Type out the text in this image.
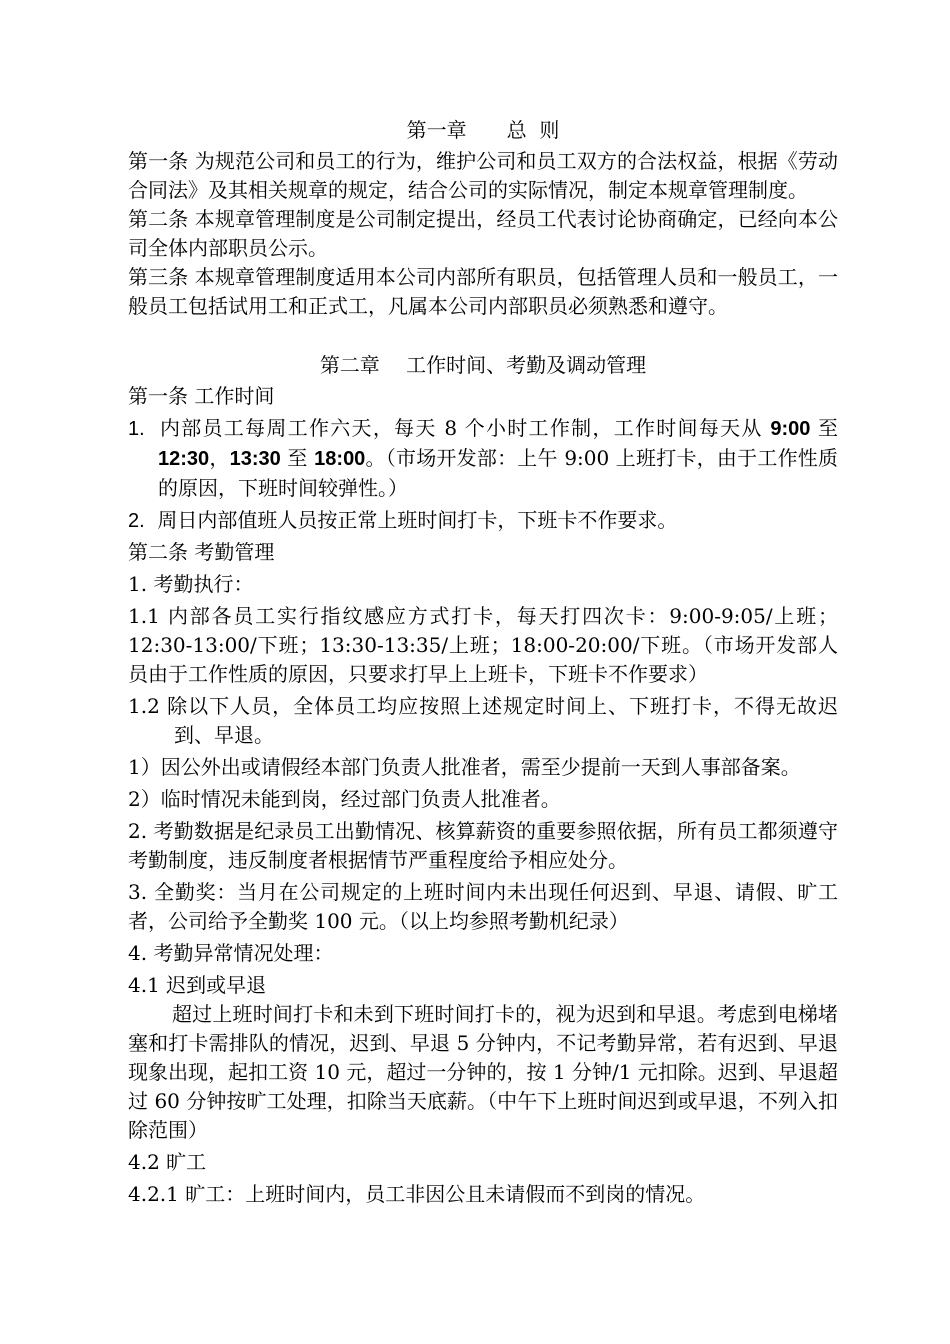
第一章　　总  则

第一条 为规范公司和员工的行为，维护公司和员工双方的合法权益，根据《劳动合同法》及其相关规章的规定，结合公司的实际情况，制定本规章管理制度。

第二条 本规章管理制度是公司制定提出，经员工代表讨论协商确定，已经向本公司全体内部职员公示。

第三条 本规章管理制度适用本公司内部所有职员，包括管理人员和一般员工，一般员工包括试用工和正式工，凡属本公司内部职员必须熟悉和遵守。

第二章　 工作时间、考勤及调动管理

第一条 工作时间

1. 内部员工每周工作六天，每天 8 个小时工作制，工作时间每天从 9:00 至 12:30，13:30 至 18:00。（市场开发部：上午 9:00 上班打卡，由于工作性质的原因，下班时间较弹性。）

2. 周日内部值班人员按正常上班时间打卡，下班卡不作要求。

第二条 考勤管理

1. 考勤执行：

1.1 内部各员工实行指纹感应方式打卡，每天打四次卡：9:00-9:05/上班；12:30-13:00/下班；13:30-13:35/上班；18:00-20:00/下班。（市场开发部人员由于工作性质的原因，只要求打早上上班卡，下班卡不作要求）

1.2 除以下人员，全体员工均应按照上述规定时间上、下班打卡，不得无故迟到、早退。

1）因公外出或请假经本部门负责人批准者，需至少提前一天到人事部备案。

2）临时情况未能到岗，经过部门负责人批准者。

2. 考勤数据是纪录员工出勤情况、核算薪资的重要参照依据，所有员工都须遵守考勤制度，违反制度者根据情节严重程度给予相应处分。

3. 全勤奖：当月在公司规定的上班时间内未出现任何迟到、早退、请假、旷工者，公司给予全勤奖 100 元。（以上均参照考勤机纪录）

4. 考勤异常情况处理：

4.1 迟到或早退

超过上班时间打卡和未到下班时间打卡的，视为迟到和早退。考虑到电梯堵塞和打卡需排队的情况，迟到、早退 5 分钟内，不记考勤异常，若有迟到、早退现象出现，起扣工资 10 元，超过一分钟的，按 1 分钟/1 元扣除。迟到、早退超过 60 分钟按旷工处理，扣除当天底薪。（中午下上班时间迟到或早退，不列入扣除范围）

4.2 旷工

4.2.1 旷工：上班时间内，员工非因公且未请假而不到岗的情况。
